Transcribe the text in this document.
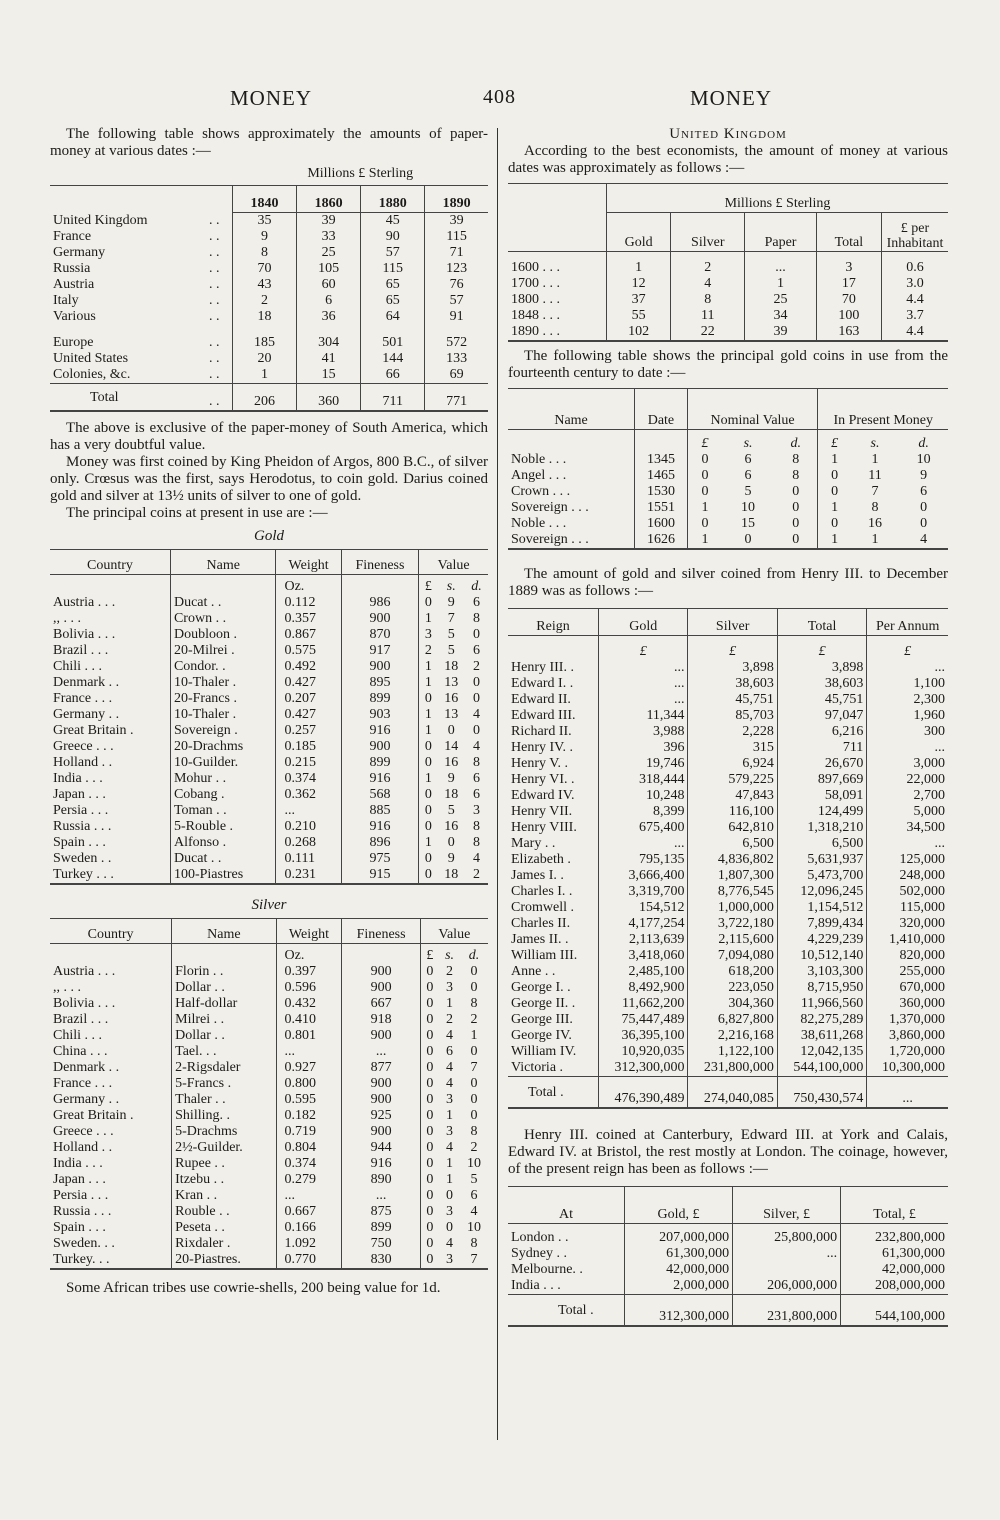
MONEY	408	MONEY

The following table shows approximately the amounts of paper-money at various dates :—

		Millions £ Sterling			
		1840	1860	1880	1890
United Kingdom	. .	35	39	45	39
France	. .	9	33	90	115
Germany	. .	8	25	57	71
Russia	. .	70	105	115	123
Austria	. .	43	60	65	76
Italy	. .	2	6	65	57
Various	. .	18	36	64	91

Europe	. .	185	304	501	572
United States	. .	20	41	144	133
Colonies, &c.	. .	1	15	66	69
Total	. .	206	360	711	771

The above is exclusive of the paper-money of South America, which has a very doubtful value.

Money was first coined by King Pheidon of Argos, 800 B.C., of silver only. Crœsus was the first, says Herodotus, to coin gold. Darius coined gold and silver at 13½ units of silver to one of gold.

The principal coins at present in use are :—

Gold
Country	Name	Weight	Fineness	Value		
		Oz.		£	s.	d.
Austria . . .	Ducat . .	0.112	986	0	9	6
,, . . .	Crown . .	0.357	900	1	7	8
Bolivia . . .	Doubloon .	0.867	870	3	5	0
Brazil . . .	20-Milrei .	0.575	917	2	5	6
Chili . . .	Condor. .	0.492	900	1	18	2
Denmark . .	10-Thaler .	0.427	895	1	13	0
France . . .	20-Francs .	0.207	899	0	16	0
Germany . .	10-Thaler .	0.427	903	1	13	4
Great Britain .	Sovereign .	0.257	916	1	0	0
Greece . . .	20-Drachms	0.185	900	0	14	4
Holland . .	10-Guilder.	0.215	899	0	16	8
India . . .	Mohur . .	0.374	916	1	9	6
Japan . . .	Cobang .	0.362	568	0	18	6
Persia . . .	Toman . .	...	885	0	5	3
Russia . . .	5-Rouble .	0.210	916	0	16	8
Spain . . .	Alfonso .	0.268	896	1	0	8
Sweden . .	Ducat . .	0.111	975	0	9	4
Turkey . . .	100-Piastres	0.231	915	0	18	2

Silver
Country	Name	Weight	Fineness	Value		
		Oz.		£	s.	d.
Austria . . .	Florin . .	0.397	900	0	2	0
,, . . .	Dollar . .	0.596	900	0	3	0
Bolivia . . .	Half-dollar	0.432	667	0	1	8
Brazil . . .	Milrei . .	0.410	918	0	2	2
Chili . . .	Dollar . .	0.801	900	0	4	1
China . . .	Tael. . .	...	...	0	6	0
Denmark . .	2-Rigsdaler	0.927	877	0	4	7
France . . .	5-Francs .	0.800	900	0	4	0
Germany . .	Thaler . .	0.595	900	0	3	0
Great Britain .	Shilling. .	0.182	925	0	1	0
Greece . . .	5-Drachms	0.719	900	0	3	8
Holland . .	2½-Guilder.	0.804	944	0	4	2
India . . .	Rupee . .	0.374	916	0	1	10
Japan . . .	Itzebu . .	0.279	890	0	1	5
Persia . . .	Kran . .	...	...	0	0	6
Russia . . .	Rouble . .	0.667	875	0	3	4
Spain . . .	Peseta . .	0.166	899	0	0	10
Sweden. . .	Rixdaler .	1.092	750	0	4	8
Turkey. . .	20-Piastres.	0.770	830	0	3	7

Some African tribes use cowrie-shells, 200 being value for 1d.

United Kingdom

According to the best economists, the amount of money at various dates was approximately as follows :—

	Millions £ Sterling				
	Gold	Silver	Paper	Total	£ per Inhabitant
1600 . . .	1	2	...	3	0.6
1700 . . .	12	4	1	17	3.0
1800 . . .	37	8	25	70	4.4
1848 . . .	55	11	34	100	3.7
1890 . . .	102	22	39	163	4.4

The following table shows the principal gold coins in use from the fourteenth century to date :—

Name	Date	Nominal Value			In Present Money		
		£	s.	d.	£	s.	d.
Noble . . .	1345	0	6	8	1	1	10
Angel . . .	1465	0	6	8	0	11	9
Crown . . .	1530	0	5	0	0	7	6
Sovereign . . .	1551	1	10	0	1	8	0
Noble . . .	1600	0	15	0	0	16	0
Sovereign . . .	1626	1	0	0	1	1	4

The amount of gold and silver coined from Henry III. to December 1889 was as follows :—

Reign	Gold	Silver	Total	Per Annum
	£	£	£	£
Henry III. .	...	3,898	3,898	...
Edward I. .	...	38,603	38,603	1,100
Edward II.	...	45,751	45,751	2,300
Edward III.	11,344	85,703	97,047	1,960
Richard II.	3,988	2,228	6,216	300
Henry IV. .	396	315	711	...
Henry V. .	19,746	6,924	26,670	3,000
Henry VI. .	318,444	579,225	897,669	22,000
Edward IV.	10,248	47,843	58,091	2,700
Henry VII.	8,399	116,100	124,499	5,000
Henry VIII.	675,400	642,810	1,318,210	34,500
Mary . .	...	6,500	6,500	...
Elizabeth .	795,135	4,836,802	5,631,937	125,000
James I. .	3,666,400	1,807,300	5,473,700	248,000
Charles I. .	3,319,700	8,776,545	12,096,245	502,000
Cromwell .	154,512	1,000,000	1,154,512	115,000
Charles II.	4,177,254	3,722,180	7,899,434	320,000
James II. .	2,113,639	2,115,600	4,229,239	1,410,000
William III.	3,418,060	7,094,080	10,512,140	820,000
Anne . .	2,485,100	618,200	3,103,300	255,000
George I. .	8,492,900	223,050	8,715,950	670,000
George II. .	11,662,200	304,360	11,966,560	360,000
George III.	75,447,489	6,827,800	82,275,289	1,370,000
George IV.	36,395,100	2,216,168	38,611,268	3,860,000
William IV.	10,920,035	1,122,100	12,042,135	1,720,000
Victoria .	312,300,000	231,800,000	544,100,000	10,300,000
Total .	476,390,489	274,040,085	750,430,574	...

Henry III. coined at Canterbury, Edward III. at York and Calais, Edward IV. at Bristol, the rest mostly at London. The coinage, however, of the present reign has been as follows :—

At	Gold, £	Silver, £	Total, £
London . .	207,000,000	25,800,000	232,800,000
Sydney . .	61,300,000	...	61,300,000
Melbourne. .	42,000,000		42,000,000
India . . .	2,000,000	206,000,000	208,000,000
Total .	312,300,000	231,800,000	544,100,000
